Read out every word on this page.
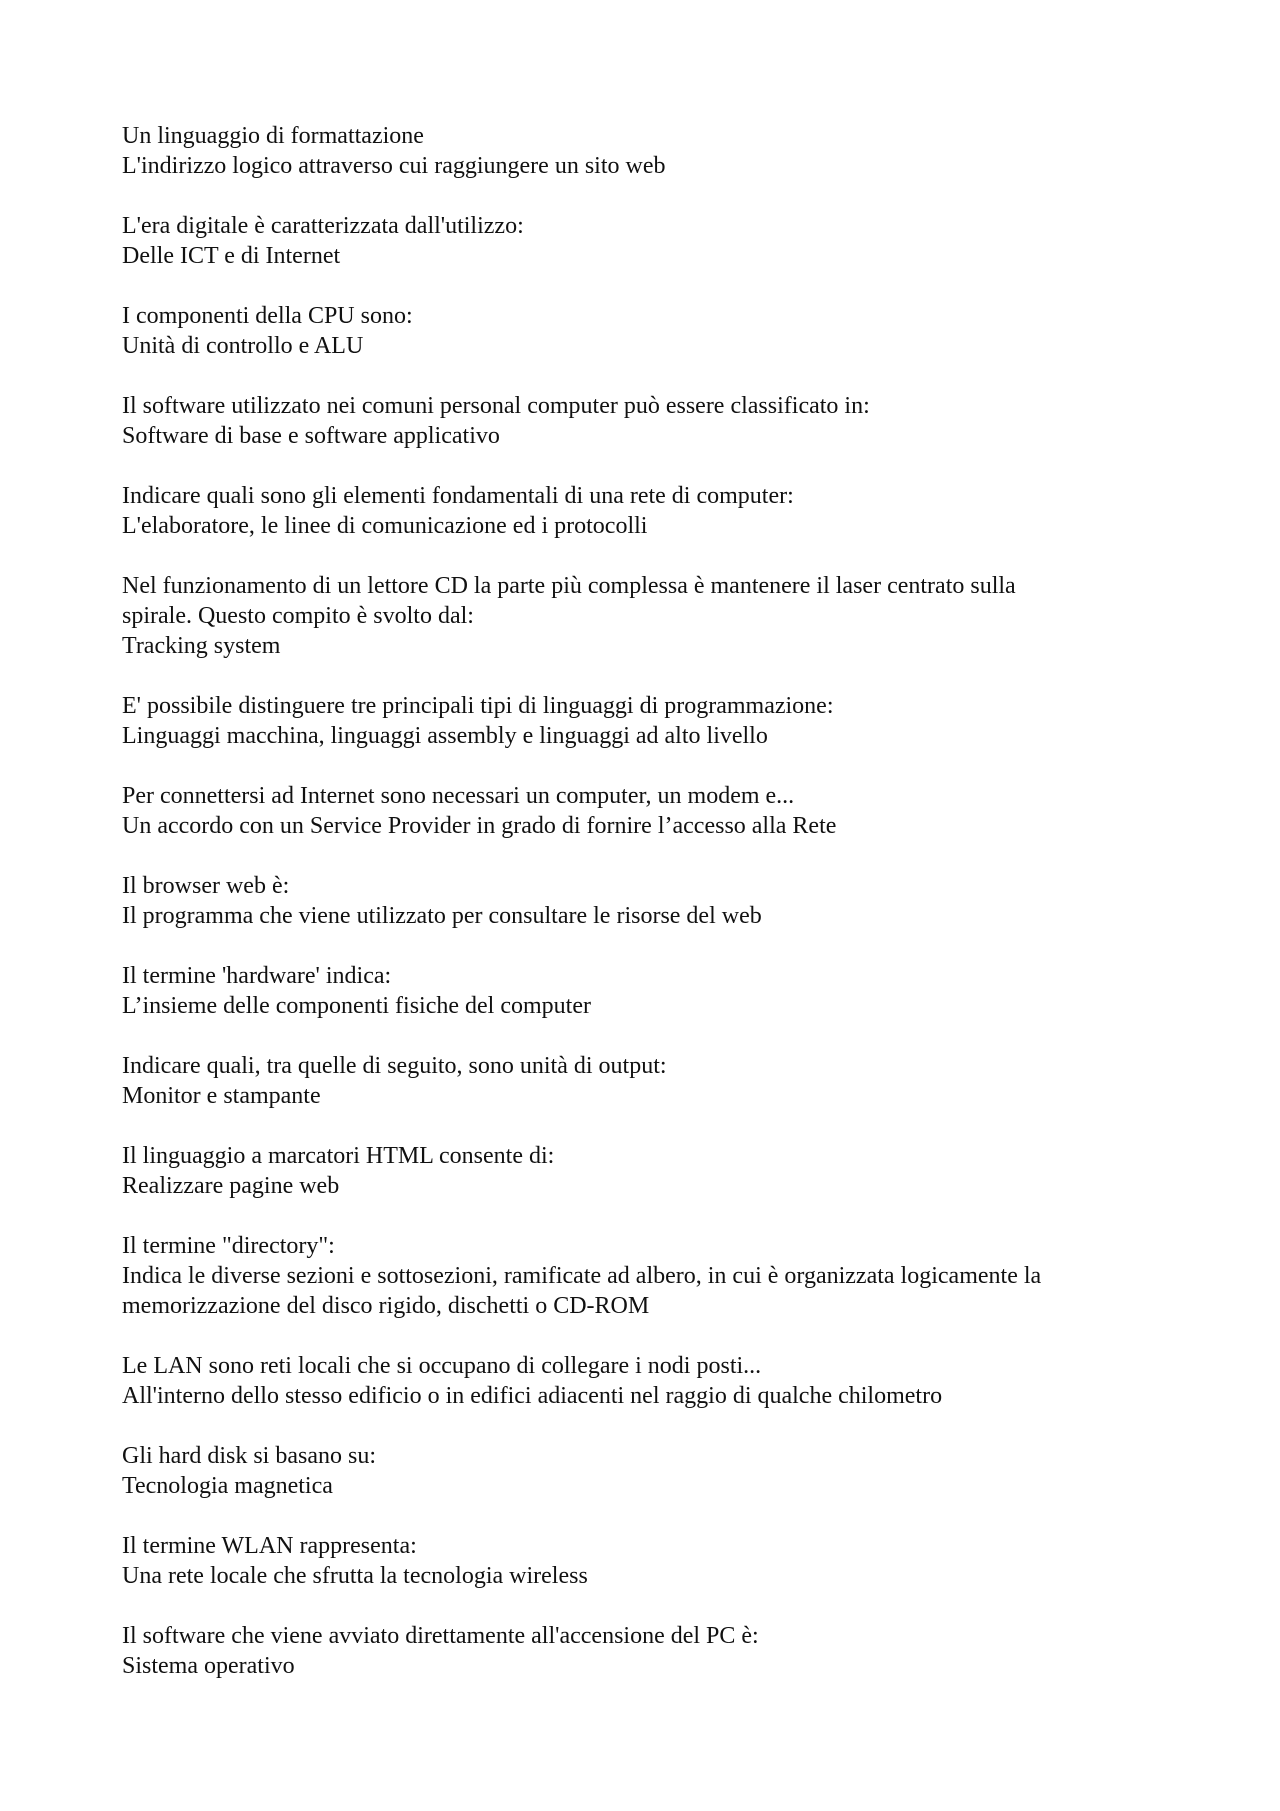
Un linguaggio di formattazione
L'indirizzo logico attraverso cui raggiungere un sito web
L'era digitale è caratterizzata dall'utilizzo:
Delle ICT e di Internet
I componenti della CPU sono:
Unità di controllo e ALU
Il software utilizzato nei comuni personal computer può essere classificato in:
Software di base e software applicativo
Indicare quali sono gli elementi fondamentali di una rete di computer:
L'elaboratore, le linee di comunicazione ed i protocolli
Nel funzionamento di un lettore CD la parte più complessa è mantenere il laser centrato sulla
spirale. Questo compito è svolto dal:
Tracking system
E' possibile distinguere tre principali tipi di linguaggi di programmazione:
Linguaggi macchina, linguaggi assembly e linguaggi ad alto livello
Per connettersi ad Internet sono necessari un computer, un modem e...
Un accordo con un Service Provider in grado di fornire l’accesso alla Rete
Il browser web è:
Il programma che viene utilizzato per consultare le risorse del web
Il termine 'hardware' indica:
L’insieme delle componenti fisiche del computer
Indicare quali, tra quelle di seguito, sono unità di output:
Monitor e stampante
Il linguaggio a marcatori HTML consente di:
Realizzare pagine web
Il termine "directory":
Indica le diverse sezioni e sottosezioni, ramificate ad albero, in cui è organizzata logicamente la
memorizzazione del disco rigido, dischetti o CD-ROM
Le LAN sono reti locali che si occupano di collegare i nodi posti...
All'interno dello stesso edificio o in edifici adiacenti nel raggio di qualche chilometro
Gli hard disk si basano su:
Tecnologia magnetica
Il termine WLAN rappresenta:
Una rete locale che sfrutta la tecnologia wireless
Il software che viene avviato direttamente all'accensione del PC è:
Sistema operativo
